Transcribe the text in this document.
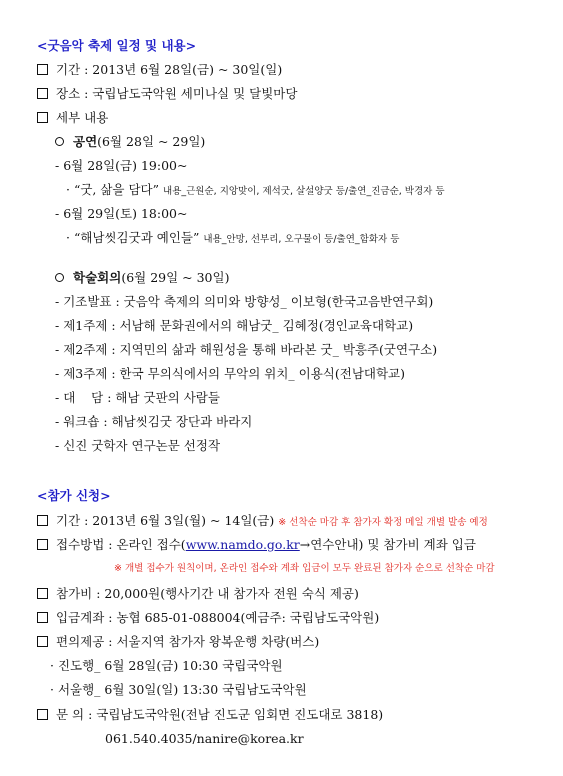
<굿음악 축제 일정 및 내용>
기간 : 2013년 6월 28일(금) ~ 30일(일)
장소 : 국립남도국악원 세미나실 및 달빛마당
세부 내용
공연(6월 28일 ~ 29일)
- 6월 28일(금) 19:00~
· “굿, 삶을 담다” 내용_근원순, 지앙맞이, 제석굿, 살설양굿 등/출연_진금순, 박경자 등
- 6월 29일(토) 18:00~
· “해남씻김굿과 예인들” 내용_안망, 선부리, 오구물이 등/출연_함화자 등
학술회의(6월 29일 ~ 30일)
- 기조발표 : 굿음악 축제의 의미와 방향성_ 이보형(한국고음반연구회)
- 제1주제 : 서남해 문화권에서의 해남굿_ 김혜정(경인교육대학교)
- 제2주제 : 지역민의 삶과 해원성을 통해 바라본 굿_ 박흥주(굿연구소)
- 제3주제 : 한국 무의식에서의 무악의 위치_ 이용식(전남대학교)
- 대    담 : 해남 굿판의 사람들
- 워크숍 : 해남씻김굿 장단과 바라지
- 신진 굿학자 연구논문 선정작
<참가 신청>
기간 : 2013년 6월 3일(월) ~ 14일(금) ※ 선착순 마감 후 참가자 확정 메일 개별 발송 예정
접수방법 : 온라인 접수(www.namdo.go.kr→연수안내) 및 참가비 계좌 입금
※ 개별 접수가 원칙이며, 온라인 접수와 계좌 입금이 모두 완료된 참가자 순으로 선착순 마감
참가비 : 20,000원(행사기간 내 참가자 전원 숙식 제공)
입금계좌 : 농협 685-01-088004(예금주: 국립남도국악원)
편의제공 : 서울지역 참가자 왕복운행 차량(버스)
· 진도행_ 6월 28일(금) 10:30 국립국악원
· 서울행_ 6월 30일(일) 13:30 국립남도국악원
문 의 : 국립남도국악원(전남 진도군 임회면 진도대로 3818)
061.540.4035/nanire@korea.kr
